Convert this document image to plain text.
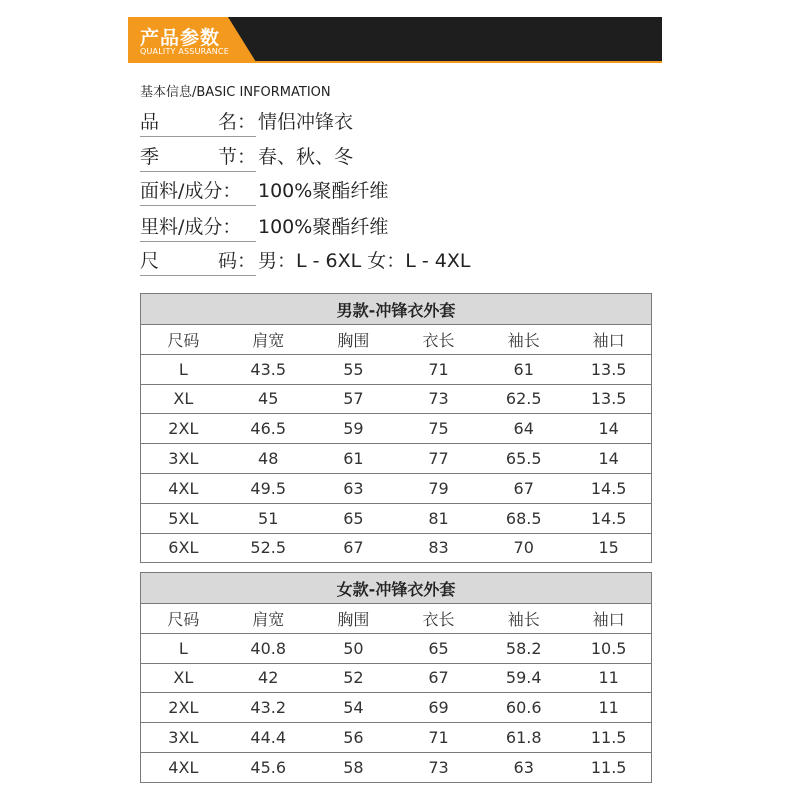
产品参数
QUALITY ASSURANCE
基本信息/BASIC INFORMATION
品	名： 情侣冲锋衣
季	节： 春、秋、冬
面料/成分： 100%聚酯纤维
里料/成分： 100%聚酯纤维
尺	码： 男：L - 6XL 女：L - 4XL
男款-冲锋衣外套					
尺码	肩宽	胸围	衣长	袖长	袖口
L	43.5	55	71	61	13.5
XL	45	57	73	62.5	13.5
2XL	46.5	59	75	64	14
3XL	48	61	77	65.5	14
4XL	49.5	63	79	67	14.5
5XL	51	65	81	68.5	14.5
6XL	52.5	67	83	70	15
女款-冲锋衣外套					
尺码	肩宽	胸围	衣长	袖长	袖口
L	40.8	50	65	58.2	10.5
XL	42	52	67	59.4	11
2XL	43.2	54	69	60.6	11
3XL	44.4	56	71	61.8	11.5
4XL	45.6	58	73	63	11.5
